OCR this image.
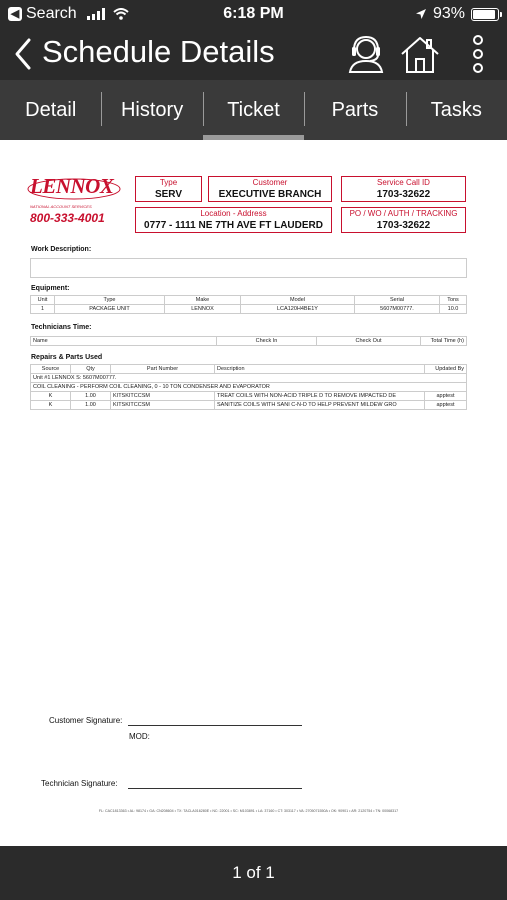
◀ Search	6:18 PM	93%
Schedule Details
Detail	History	Ticket	Parts	Tasks
LENNOX
NATIONAL ACCOUNT SERVICES
800-333-4001
Type
SERV
Customer
EXECUTIVE BRANCH
Service Call ID
1703-32622
Location - Address
0777 - 1111 NE 7TH AVE FT LAUDERD
PO / WO / AUTH / TRACKING
1703-32622
Work Description:
Equipment:
Unit	Type	Make	Model	Serial	Tons
1	PACKAGE UNIT	LENNOX	LCA120H4BE1Y	5607M00777.	10.0
Technicians Time:
Name	Check In	Check Out	Total Time (h)
Repairs & Parts Used
Source	Qty	Part Number	Description	Updated By
Unit #1 LENNOX S: 5607M00777.				
COIL CLEANING - PERFORM COIL CLEANING, 0 - 10 TON CONDENSER AND EVAPORATOR				
K	1.00	KITSKITCCSM	TREAT COILS WITH NON-ACID TRIPLE D TO REMOVE IMPACTED DE	apptest
K	1.00	KITSKITCCSM	SANITIZE COILS WITH SANI C-N-D TO HELP PREVENT MILDEW GRO	apptest
Customer Signature:
MOD:
Technician Signature:
FL: CAC1813363 • AL: 98174 • GA: CN208604 • TX: TACLA016280E • NC: 22001 • SC: M103891 • LA: 37160 • CT: 303117 • VA: 2705071550A • OK: 90901 • AR: 2120754 • TN: 00068317
1 of 1
